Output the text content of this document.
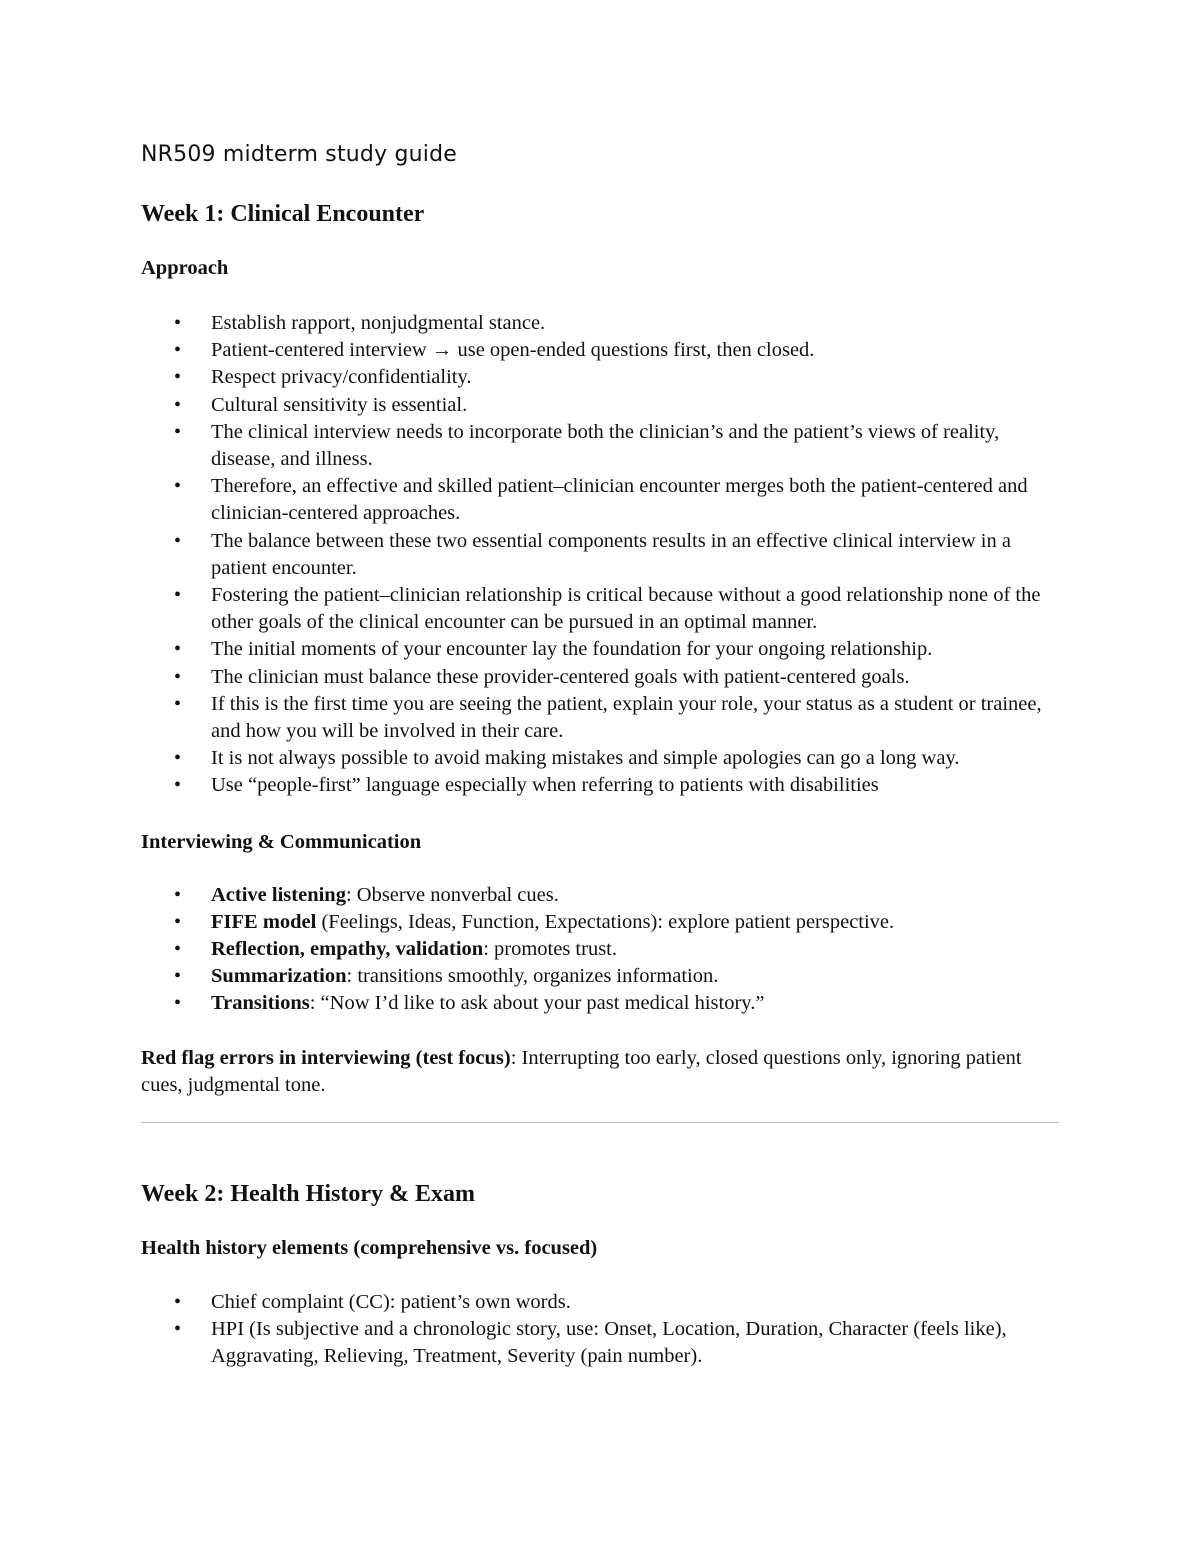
NR509 midterm study guide
Week 1: Clinical Encounter
Approach
• Establish rapport, nonjudgmental stance.
• Patient-centered interview → use open-ended questions first, then closed.
• Respect privacy/confidentiality.
• Cultural sensitivity is essential.
• The clinical interview needs to incorporate both the clinician’s and the patient’s views of reality, disease, and illness.
• Therefore, an effective and skilled patient–clinician encounter merges both the patient-centered and clinician-centered approaches.
• The balance between these two essential components results in an effective clinical interview in a patient encounter.
• Fostering the patient–clinician relationship is critical because without a good relationship none of the other goals of the clinical encounter can be pursued in an optimal manner.
• The initial moments of your encounter lay the foundation for your ongoing relationship.
• The clinician must balance these provider-centered goals with patient-centered goals.
• If this is the first time you are seeing the patient, explain your role, your status as a student or trainee, and how you will be involved in their care.
• It is not always possible to avoid making mistakes and simple apologies can go a long way.
• Use “people-first” language especially when referring to patients with disabilities
Interviewing & Communication
• Active listening: Observe nonverbal cues.
• FIFE model (Feelings, Ideas, Function, Expectations): explore patient perspective.
• Reflection, empathy, validation: promotes trust.
• Summarization: transitions smoothly, organizes information.
• Transitions: “Now I’d like to ask about your past medical history.”

Red flag errors in interviewing (test focus): Interrupting too early, closed questions only, ignoring patient cues, judgmental tone.

Week 2: Health History & Exam
Health history elements (comprehensive vs. focused)
• Chief complaint (CC): patient’s own words.
• HPI (Is subjective and a chronologic story, use: Onset, Location, Duration, Character (feels like), Aggravating, Relieving, Treatment, Severity (pain number).
